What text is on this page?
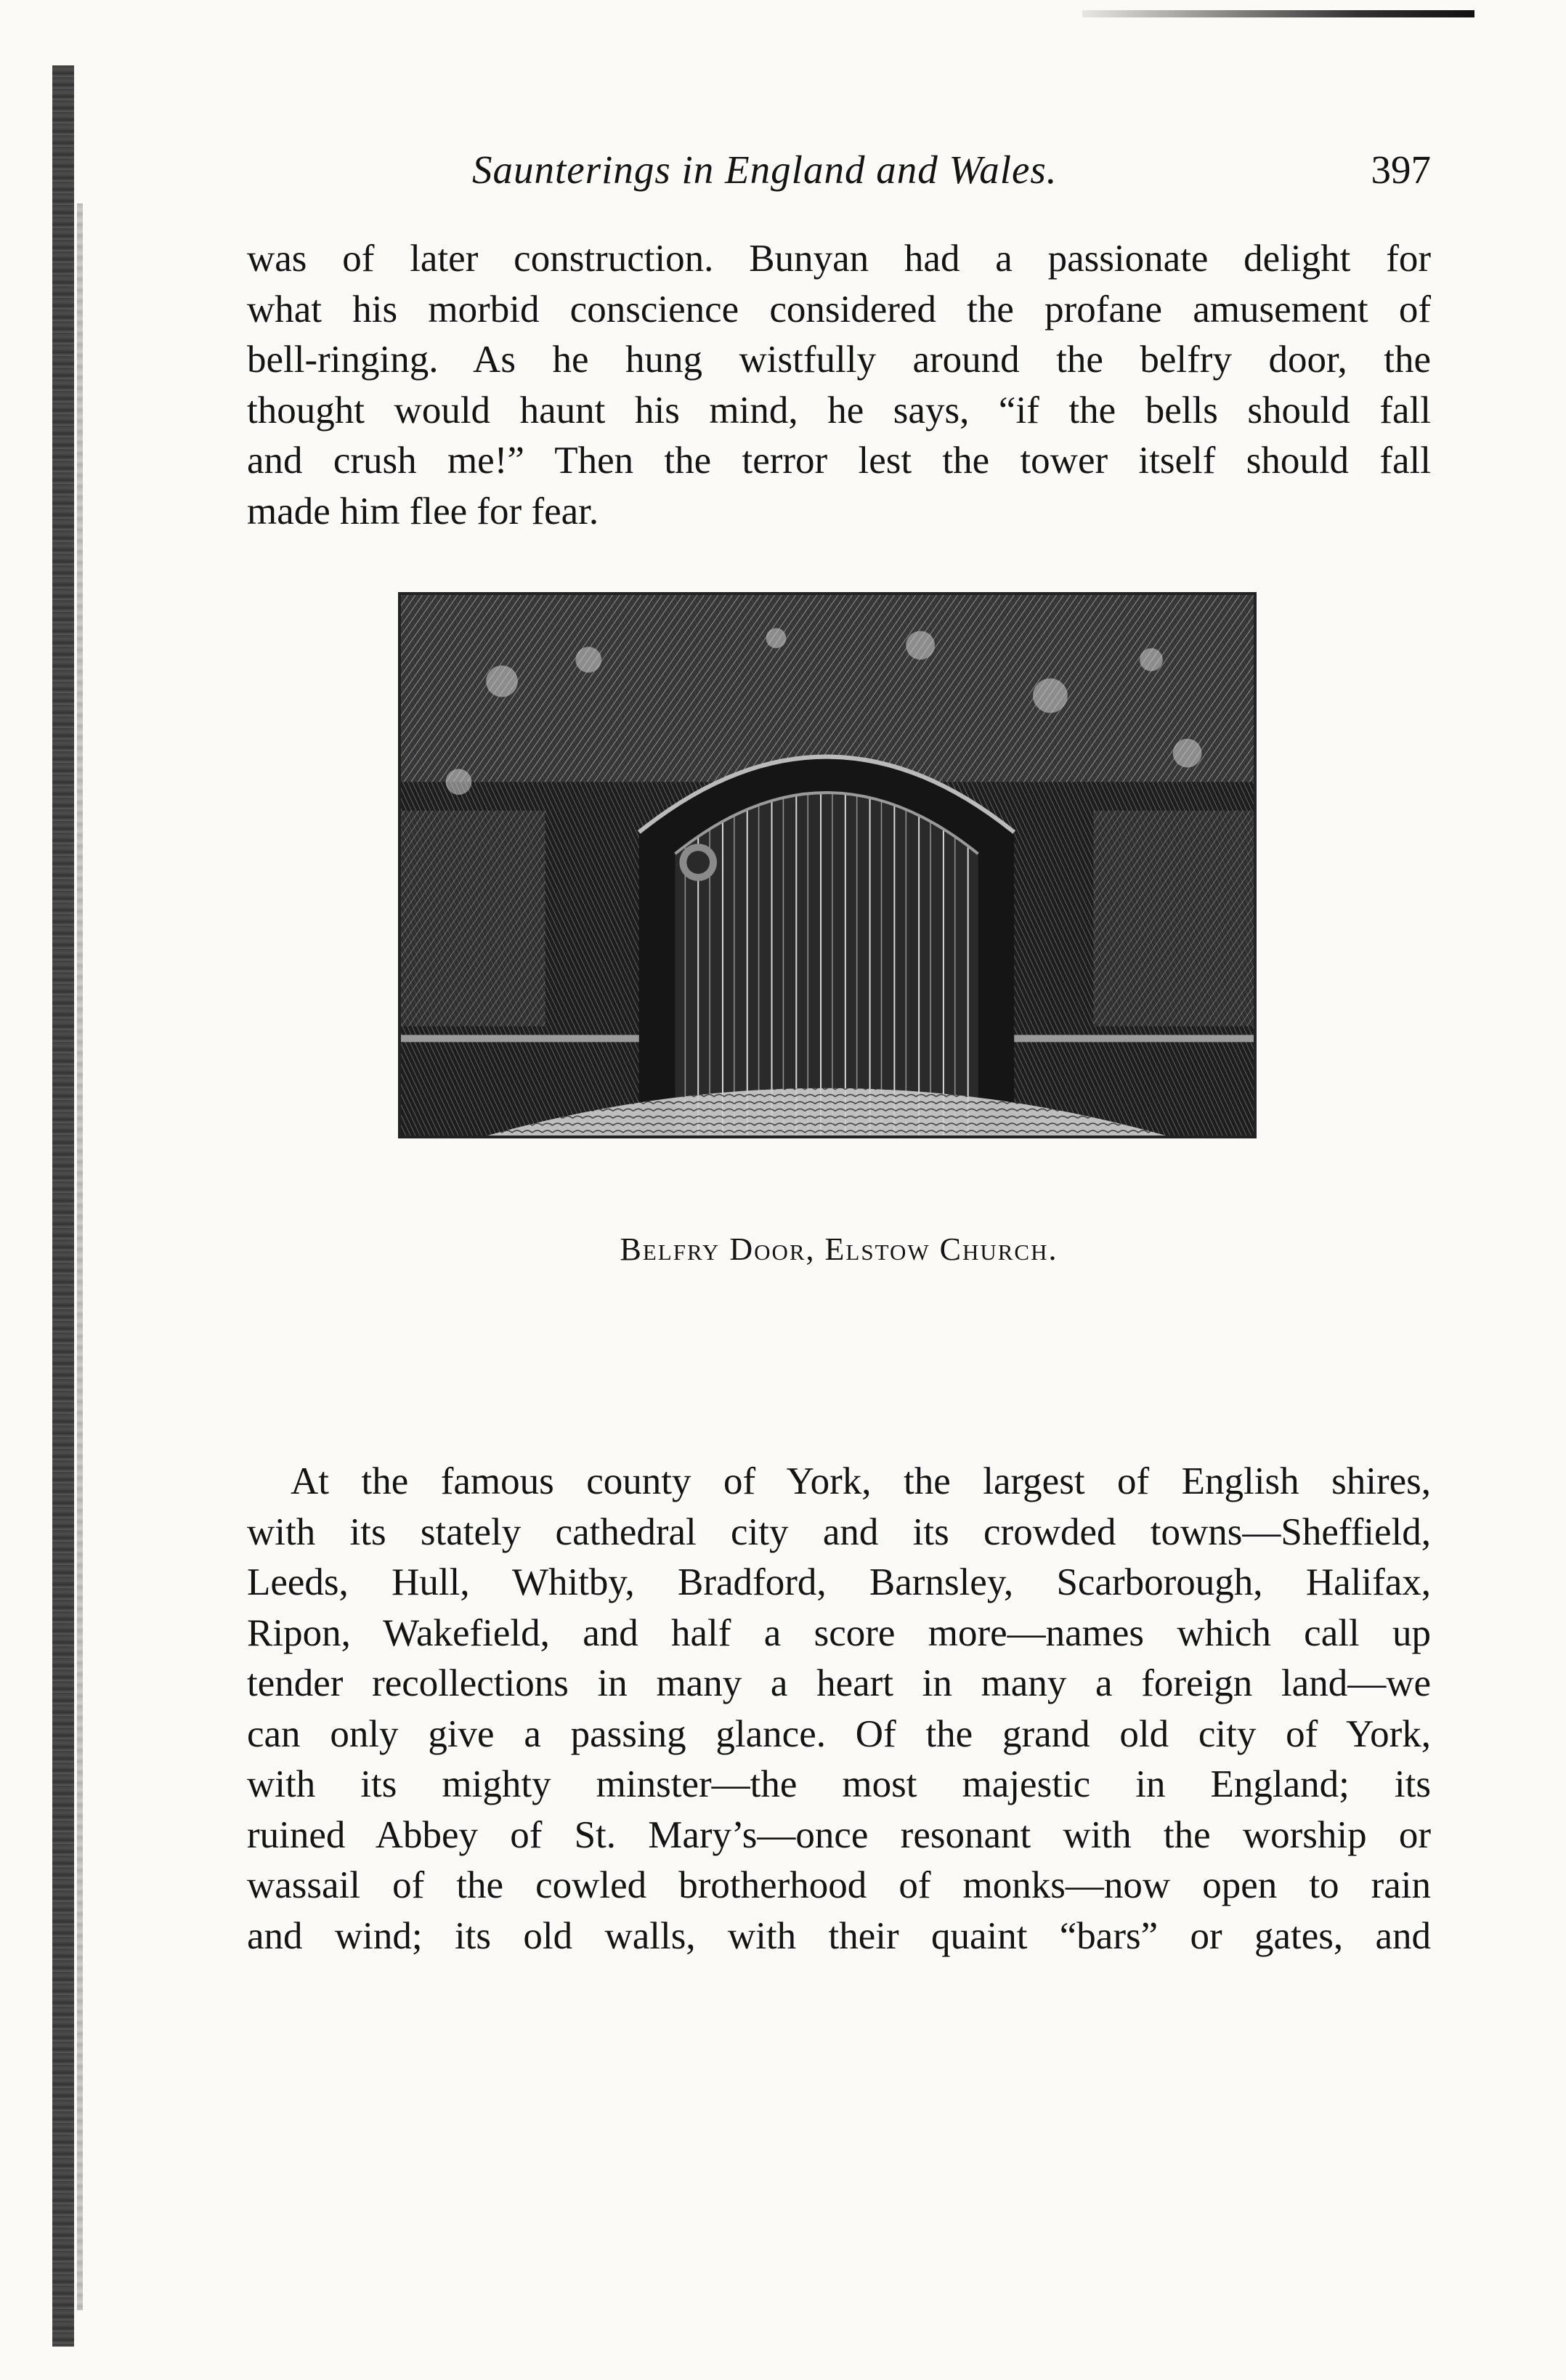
Saunterings in England and Wales.	397

was of later construction. Bunyan had a passionate delight for
what his morbid conscience considered the profane amusement of
bell-ringing. As he hung wistfully around the belfry door, the
thought would haunt his mind, he says, “if the bells should fall
and crush me!” Then the terror lest the tower itself should fall
made him flee for fear.

Belfry Door, Elstow Church.

At the famous county of York, the largest of English shires,
with its stately cathedral city and its crowded towns—Sheffield,
Leeds, Hull, Whitby, Bradford, Barnsley, Scarborough, Halifax,
Ripon, Wakefield, and half a score more—names which call up
tender recollections in many a heart in many a foreign land—we
can only give a passing glance. Of the grand old city of York,
with its mighty minster—the most majestic in England; its
ruined Abbey of St. Mary’s—once resonant with the worship or
wassail of the cowled brotherhood of monks—now open to rain
and wind; its old walls, with their quaint “bars” or gates, and
